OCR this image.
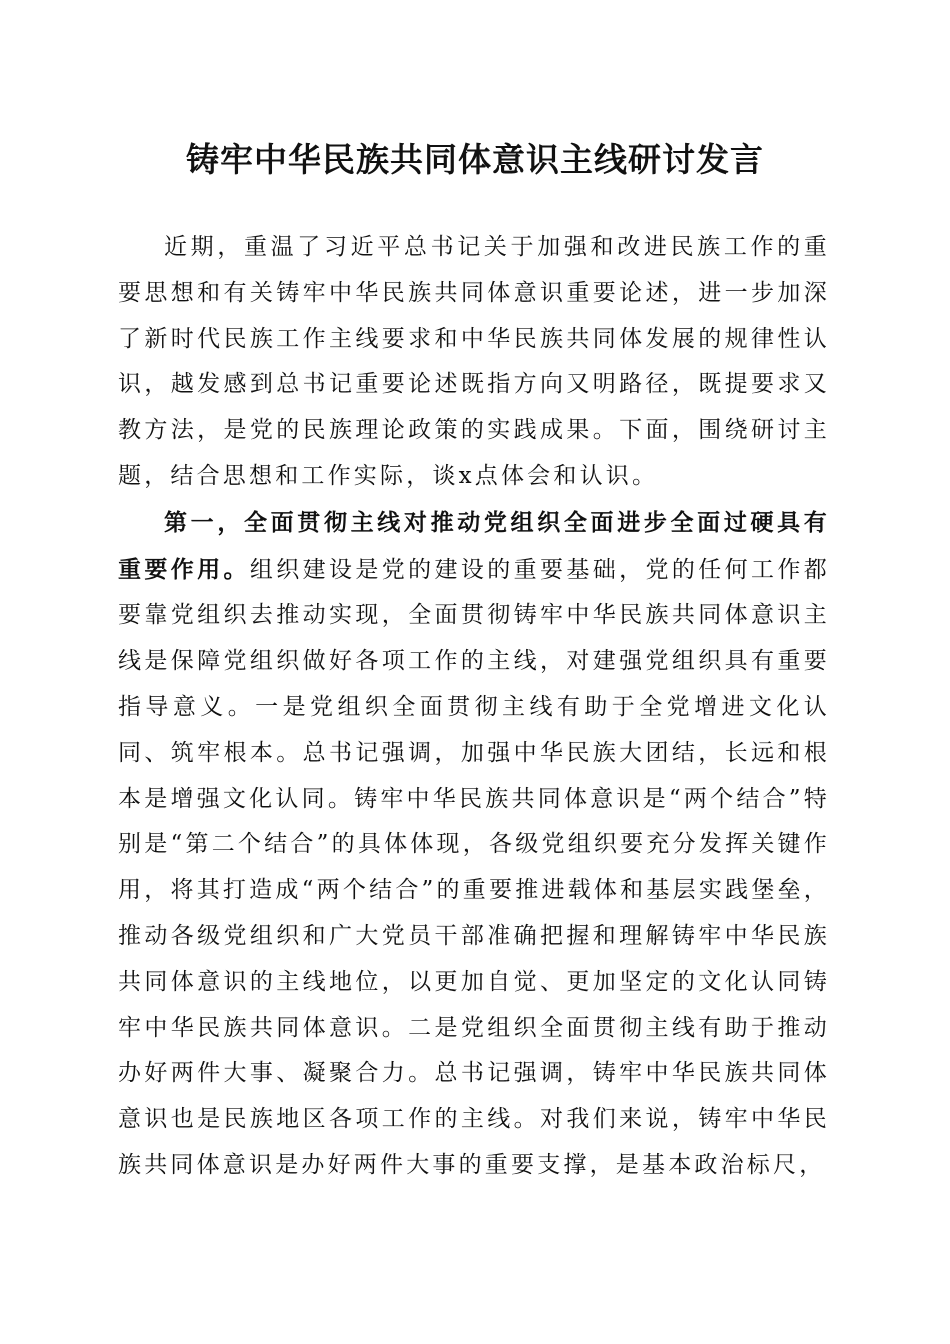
铸牢中华民族共同体意识主线研讨发言

近期，重温了习近平总书记关于加强和改进民族工作的重要思想和有关铸牢中华民族共同体意识重要论述，进一步加深了新时代民族工作主线要求和中华民族共同体发展的规律性认识，越发感到总书记重要论述既指方向又明路径，既提要求又教方法，是党的民族理论政策的实践成果。下面，围绕研讨主题，结合思想和工作实际，谈x点体会和认识。

第一，全面贯彻主线对推动党组织全面进步全面过硬具有重要作用。组织建设是党的建设的重要基础，党的任何工作都要靠党组织去推动实现，全面贯彻铸牢中华民族共同体意识主线是保障党组织做好各项工作的主线，对建强党组织具有重要指导意义。一是党组织全面贯彻主线有助于全党增进文化认同、筑牢根本。总书记强调，加强中华民族大团结，长远和根本是增强文化认同。铸牢中华民族共同体意识是“两个结合”特别是“第二个结合”的具体体现，各级党组织要充分发挥关键作用，将其打造成“两个结合”的重要推进载体和基层实践堡垒，推动各级党组织和广大党员干部准确把握和理解铸牢中华民族共同体意识的主线地位，以更加自觉、更加坚定的文化认同铸牢中华民族共同体意识。二是党组织全面贯彻主线有助于推动办好两件大事、凝聚合力。总书记强调，铸牢中华民族共同体意识也是民族地区各项工作的主线。对我们来说，铸牢中华民族共同体意识是办好两件大事的重要支撑，是基本政治标尺，
